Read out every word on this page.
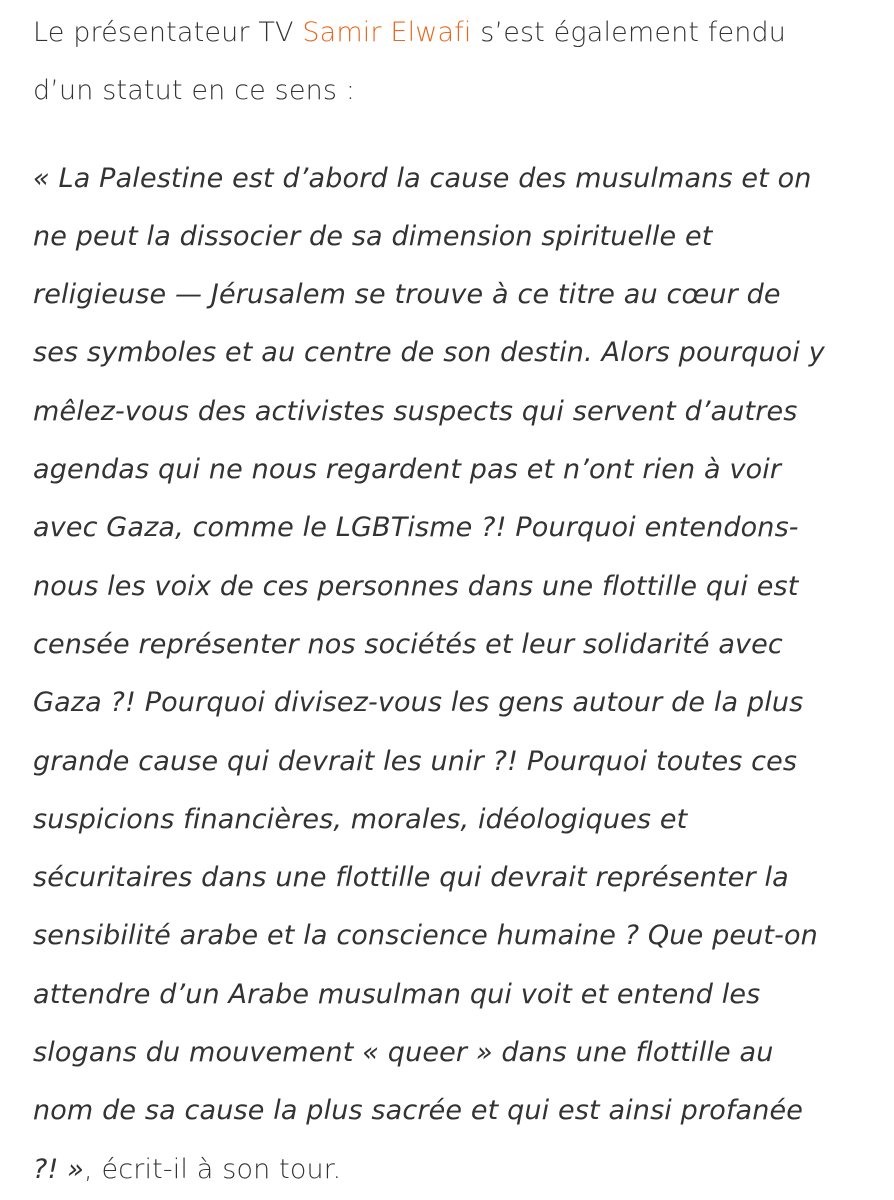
Le présentateur TV Samir Elwafi s’est également fendu
d’un statut en ce sens :

« La Palestine est d’abord la cause des musulmans et on
ne peut la dissocier de sa dimension spirituelle et
religieuse — Jérusalem se trouve à ce titre au cœur de
ses symboles et au centre de son destin. Alors pourquoi y
mêlez-vous des activistes suspects qui servent d’autres
agendas qui ne nous regardent pas et n’ont rien à voir
avec Gaza, comme le LGBTisme ?! Pourquoi entendons-
nous les voix de ces personnes dans une flottille qui est
censée représenter nos sociétés et leur solidarité avec
Gaza ?! Pourquoi divisez-vous les gens autour de la plus
grande cause qui devrait les unir ?! Pourquoi toutes ces
suspicions financières, morales, idéologiques et
sécuritaires dans une flottille qui devrait représenter la
sensibilité arabe et la conscience humaine ? Que peut-on
attendre d’un Arabe musulman qui voit et entend les
slogans du mouvement « queer » dans une flottille au
nom de sa cause la plus sacrée et qui est ainsi profanée
?! », écrit-il à son tour.
